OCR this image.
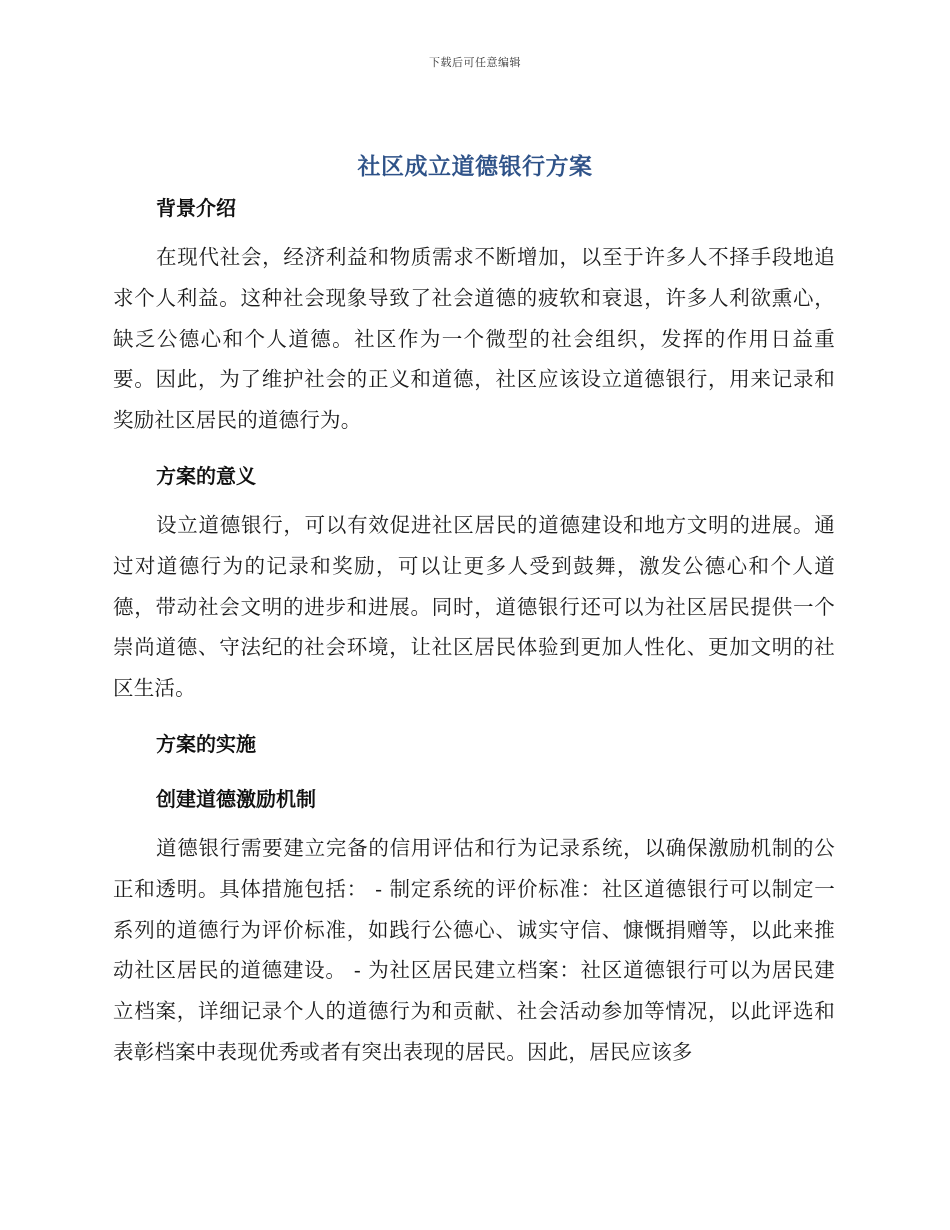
下载后可任意编辑
社区成立道德银行方案
背景介绍

在现代社会，经济利益和物质需求不断增加，以至于许多人不择手段地追求个人利益。这种社会现象导致了社会道德的疲软和衰退，许多人利欲熏心，缺乏公德心和个人道德。社区作为一个微型的社会组织，发挥的作用日益重要。因此，为了维护社会的正义和道德，社区应该设立道德银行，用来记录和奖励社区居民的道德行为。

方案的意义

设立道德银行，可以有效促进社区居民的道德建设和地方文明的进展。通过对道德行为的记录和奖励，可以让更多人受到鼓舞，激发公德心和个人道德，带动社会文明的进步和进展。同时，道德银行还可以为社区居民提供一个崇尚道德、守法纪的社会环境，让社区居民体验到更加人性化、更加文明的社区生活。

方案的实施
创建道德激励机制

道德银行需要建立完备的信用评估和行为记录系统，以确保激励机制的公正和透明。具体措施包括： - 制定系统的评价标准：社区道德银行可以制定一系列的道德行为评价标准，如践行公德心、诚实守信、慷慨捐赠等，以此来推动社区居民的道德建设。 - 为社区居民建立档案：社区道德银行可以为居民建立档案，详细记录个人的道德行为和贡献、社会活动参加等情况，以此评选和表彰档案中表现优秀或者有突出表现的居民。因此，居民应该多
